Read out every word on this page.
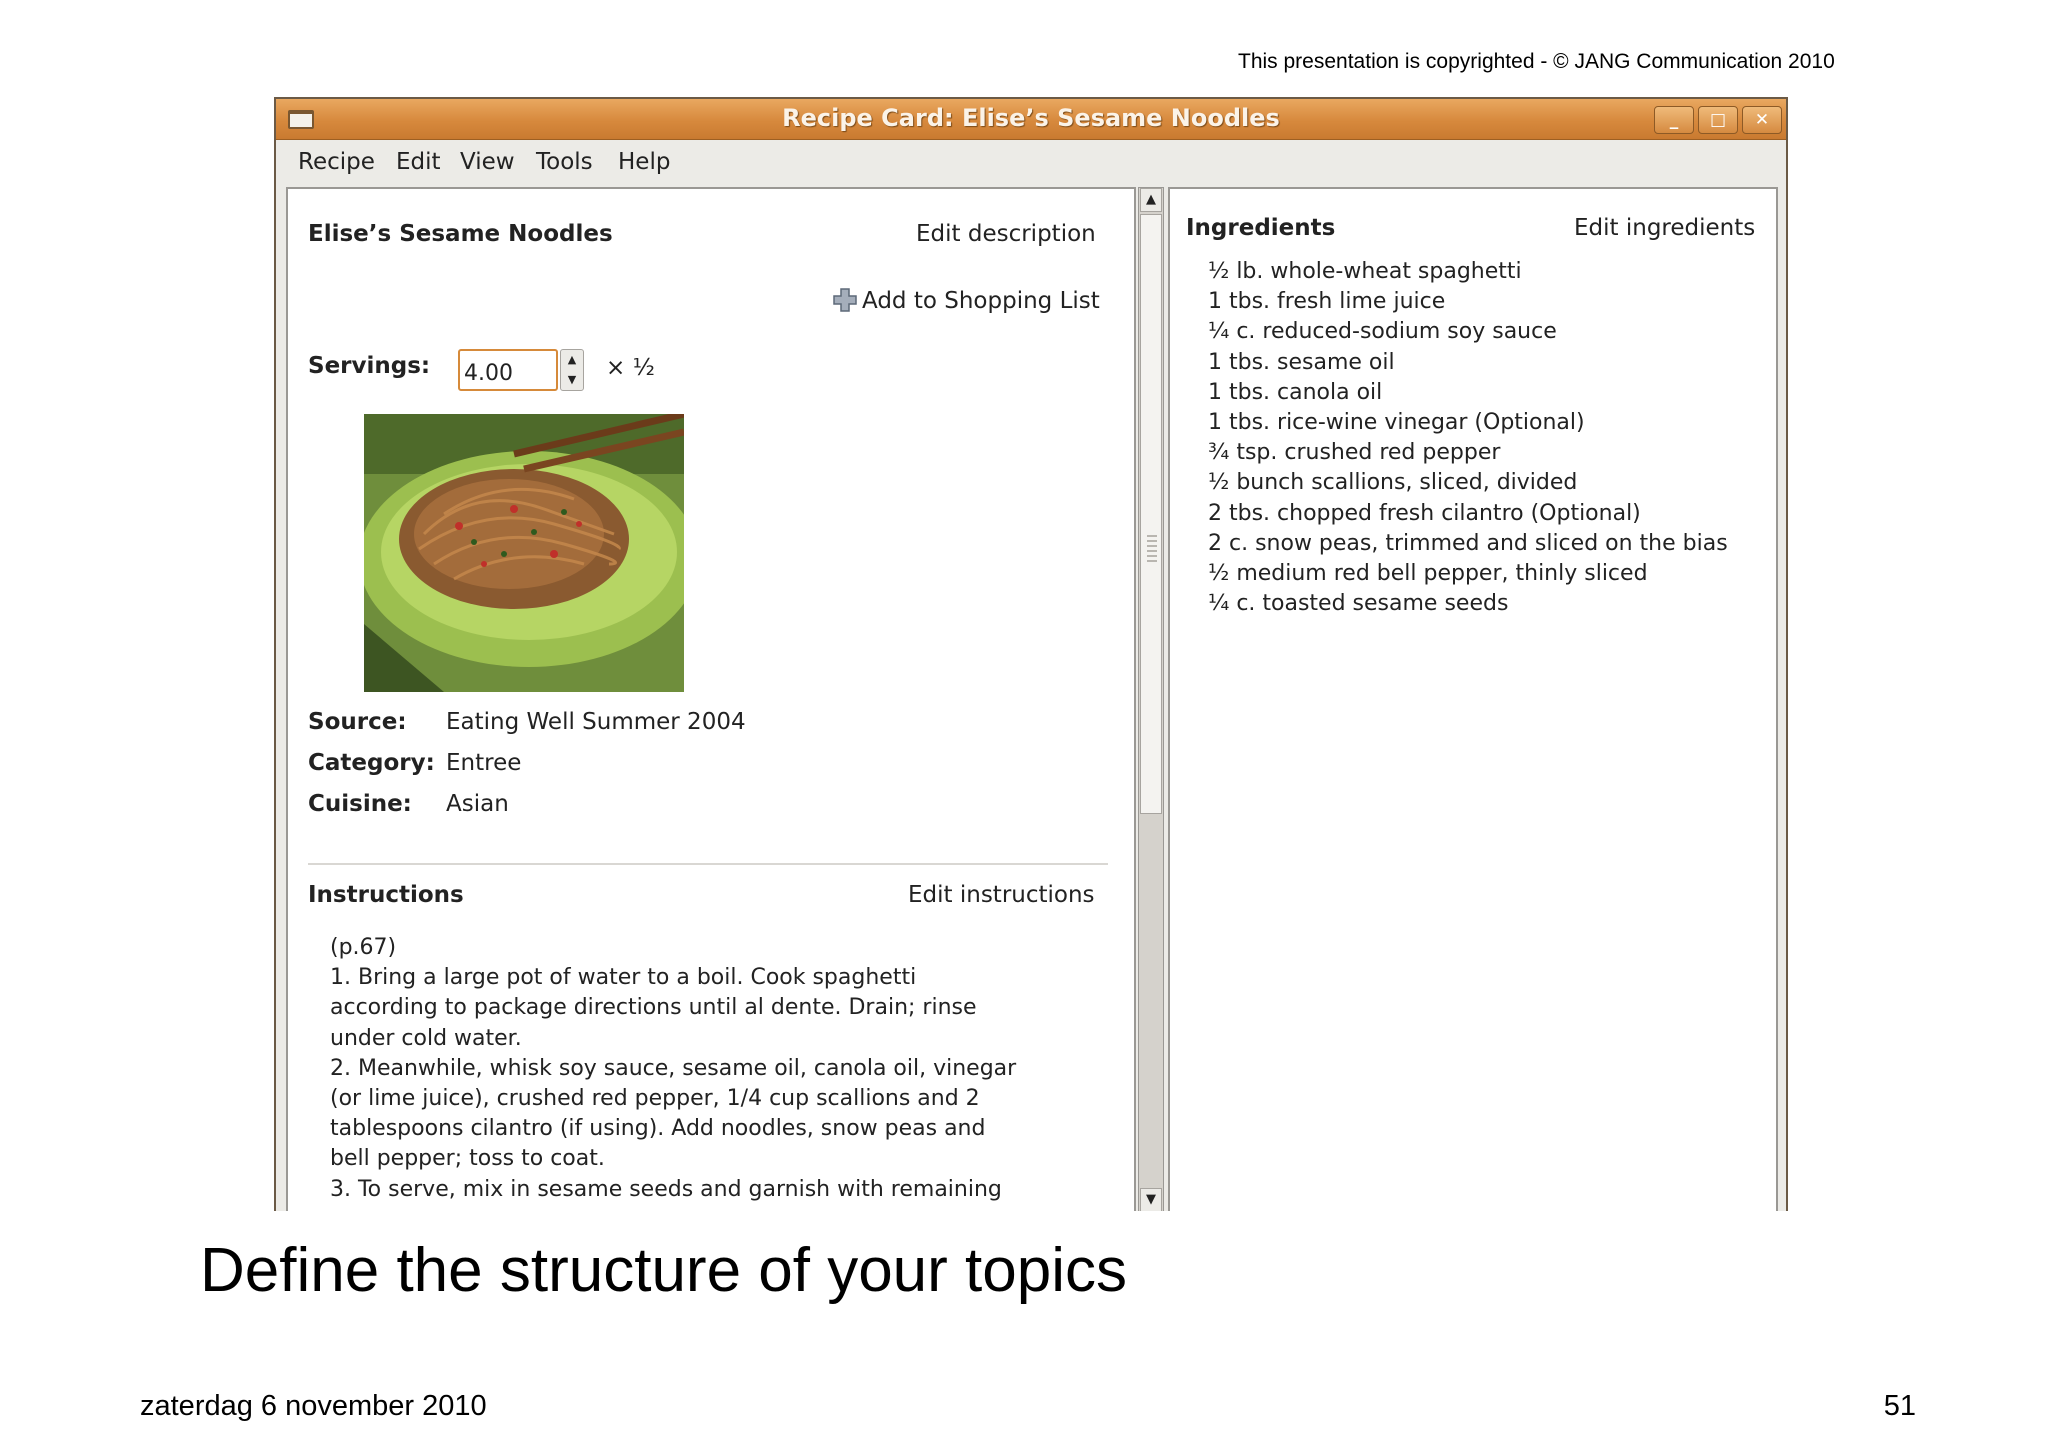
This presentation is copyrighted - © JANG Communication 2010
Recipe Card: Elise’s Sesame Noodles	_	□	✕
Recipe Edit View Tools Help
Elise’s Sesame Noodles	Edit description
Add to Shopping List
Servings:
4.00	▲
▼ × ½
Source: Eating Well Summer 2004
Category: Entree
Cuisine: Asian
Instructions	Edit instructions
(p.67)
1. Bring a large pot of water to a boil. Cook spaghetti
according to package directions until al dente. Drain; rinse
under cold water.
2. Meanwhile, whisk soy sauce, sesame oil, canola oil, vinegar
(or lime juice), crushed red pepper, 1/4 cup scallions and 2
tablespoons cilantro (if using). Add noodles, snow peas and
bell pepper; toss to coat.
3. To serve, mix in sesame seeds and garnish with remaining
▲
▼
Ingredients	Edit ingredients
½ lb. whole-wheat spaghetti
1 tbs. fresh lime juice
¼ c. reduced-sodium soy sauce
1 tbs. sesame oil
1 tbs. canola oil
1 tbs. rice-wine vinegar (Optional)
¾ tsp. crushed red pepper
½ bunch scallions, sliced, divided
2 tbs. chopped fresh cilantro (Optional)
2 c. snow peas, trimmed and sliced on the bias
½ medium red bell pepper, thinly sliced
¼ c. toasted sesame seeds
Define the structure of your topics
zaterdag 6 november 2010	51
